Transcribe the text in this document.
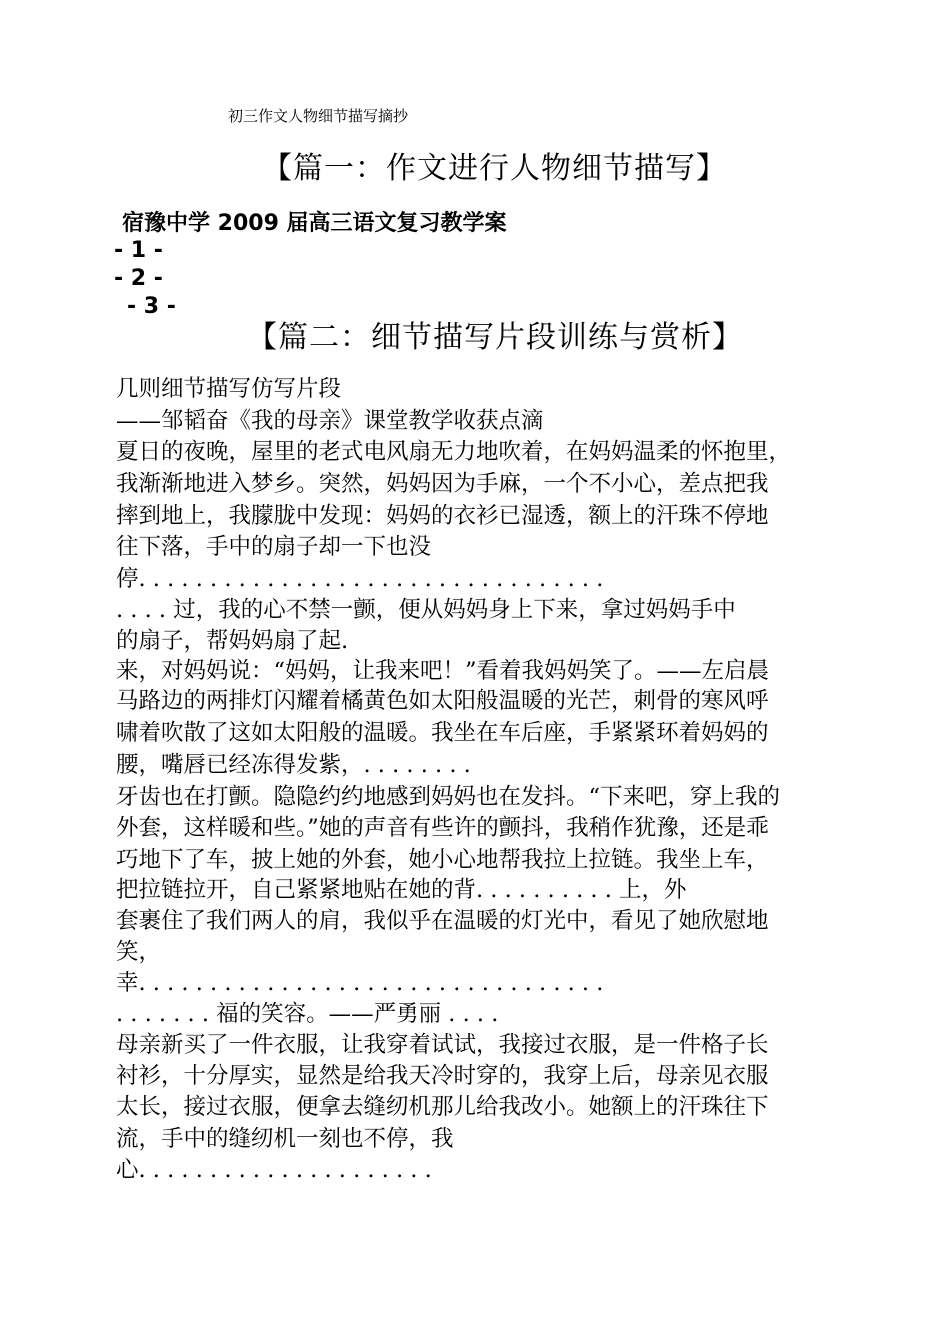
初三作文人物细节描写摘抄
【篇一：作文进行人物细节描写】
宿豫中学 2009 届高三语文复习教学案
- 1 -
- 2 -
- 3 -
【篇二：细节描写片段训练与赏析】
几则细节描写仿写片段
——邹韬奋《我的母亲》课堂教学收获点滴
夏日的夜晚，屋里的老式电风扇无力地吹着，在妈妈温柔的怀抱里，
我渐渐地进入梦乡。突然，妈妈因为手麻，一个不小心，差点把我
摔到地上，我朦胧中发现：妈妈的衣衫已湿透，额上的汗珠不停地
往下落，手中的扇子却一下也没
停. . . . . . . . . . . . . . . . . . . . . . . . . . . . . . . . .
. . . . 过，我的心不禁一颤，便从妈妈身上下来，拿过妈妈手中
的扇子，帮妈妈扇了起.
来，对妈妈说：“妈妈，让我来吧！”看着我妈妈笑了。——左启晨
马路边的两排灯闪耀着橘黄色如太阳般温暖的光芒，刺骨的寒风呼
啸着吹散了这如太阳般的温暖。我坐在车后座，手紧紧环着妈妈的
腰，嘴唇已经冻得发紫，. . . . . . . .
牙齿也在打颤。隐隐约约地感到妈妈也在发抖。“下来吧，穿上我的
外套，这样暖和些。”她的声音有些许的颤抖，我稍作犹豫，还是乖
巧地下了车，披上她的外套，她小心地帮我拉上拉链。我坐上车，
把拉链拉开，自己紧紧地贴在她的背. . . . . . . . . . 上，外
套裹住了我们两人的肩，我似乎在温暖的灯光中，看见了她欣慰地
笑，
幸. . . . . . . . . . . . . . . . . . . . . . . . . . . . . . . . .
. . . . . . . 福的笑容。——严勇丽 . . . .
母亲新买了一件衣服，让我穿着试试，我接过衣服，是一件格子长
衬衫，十分厚实，显然是给我天冷时穿的，我穿上后，母亲见衣服
太长，接过衣服，便拿去缝纫机那儿给我改小。她额上的汗珠往下
流，手中的缝纫机一刻也不停，我
心. . . . . . . . . . . . . . . . . . . . .
